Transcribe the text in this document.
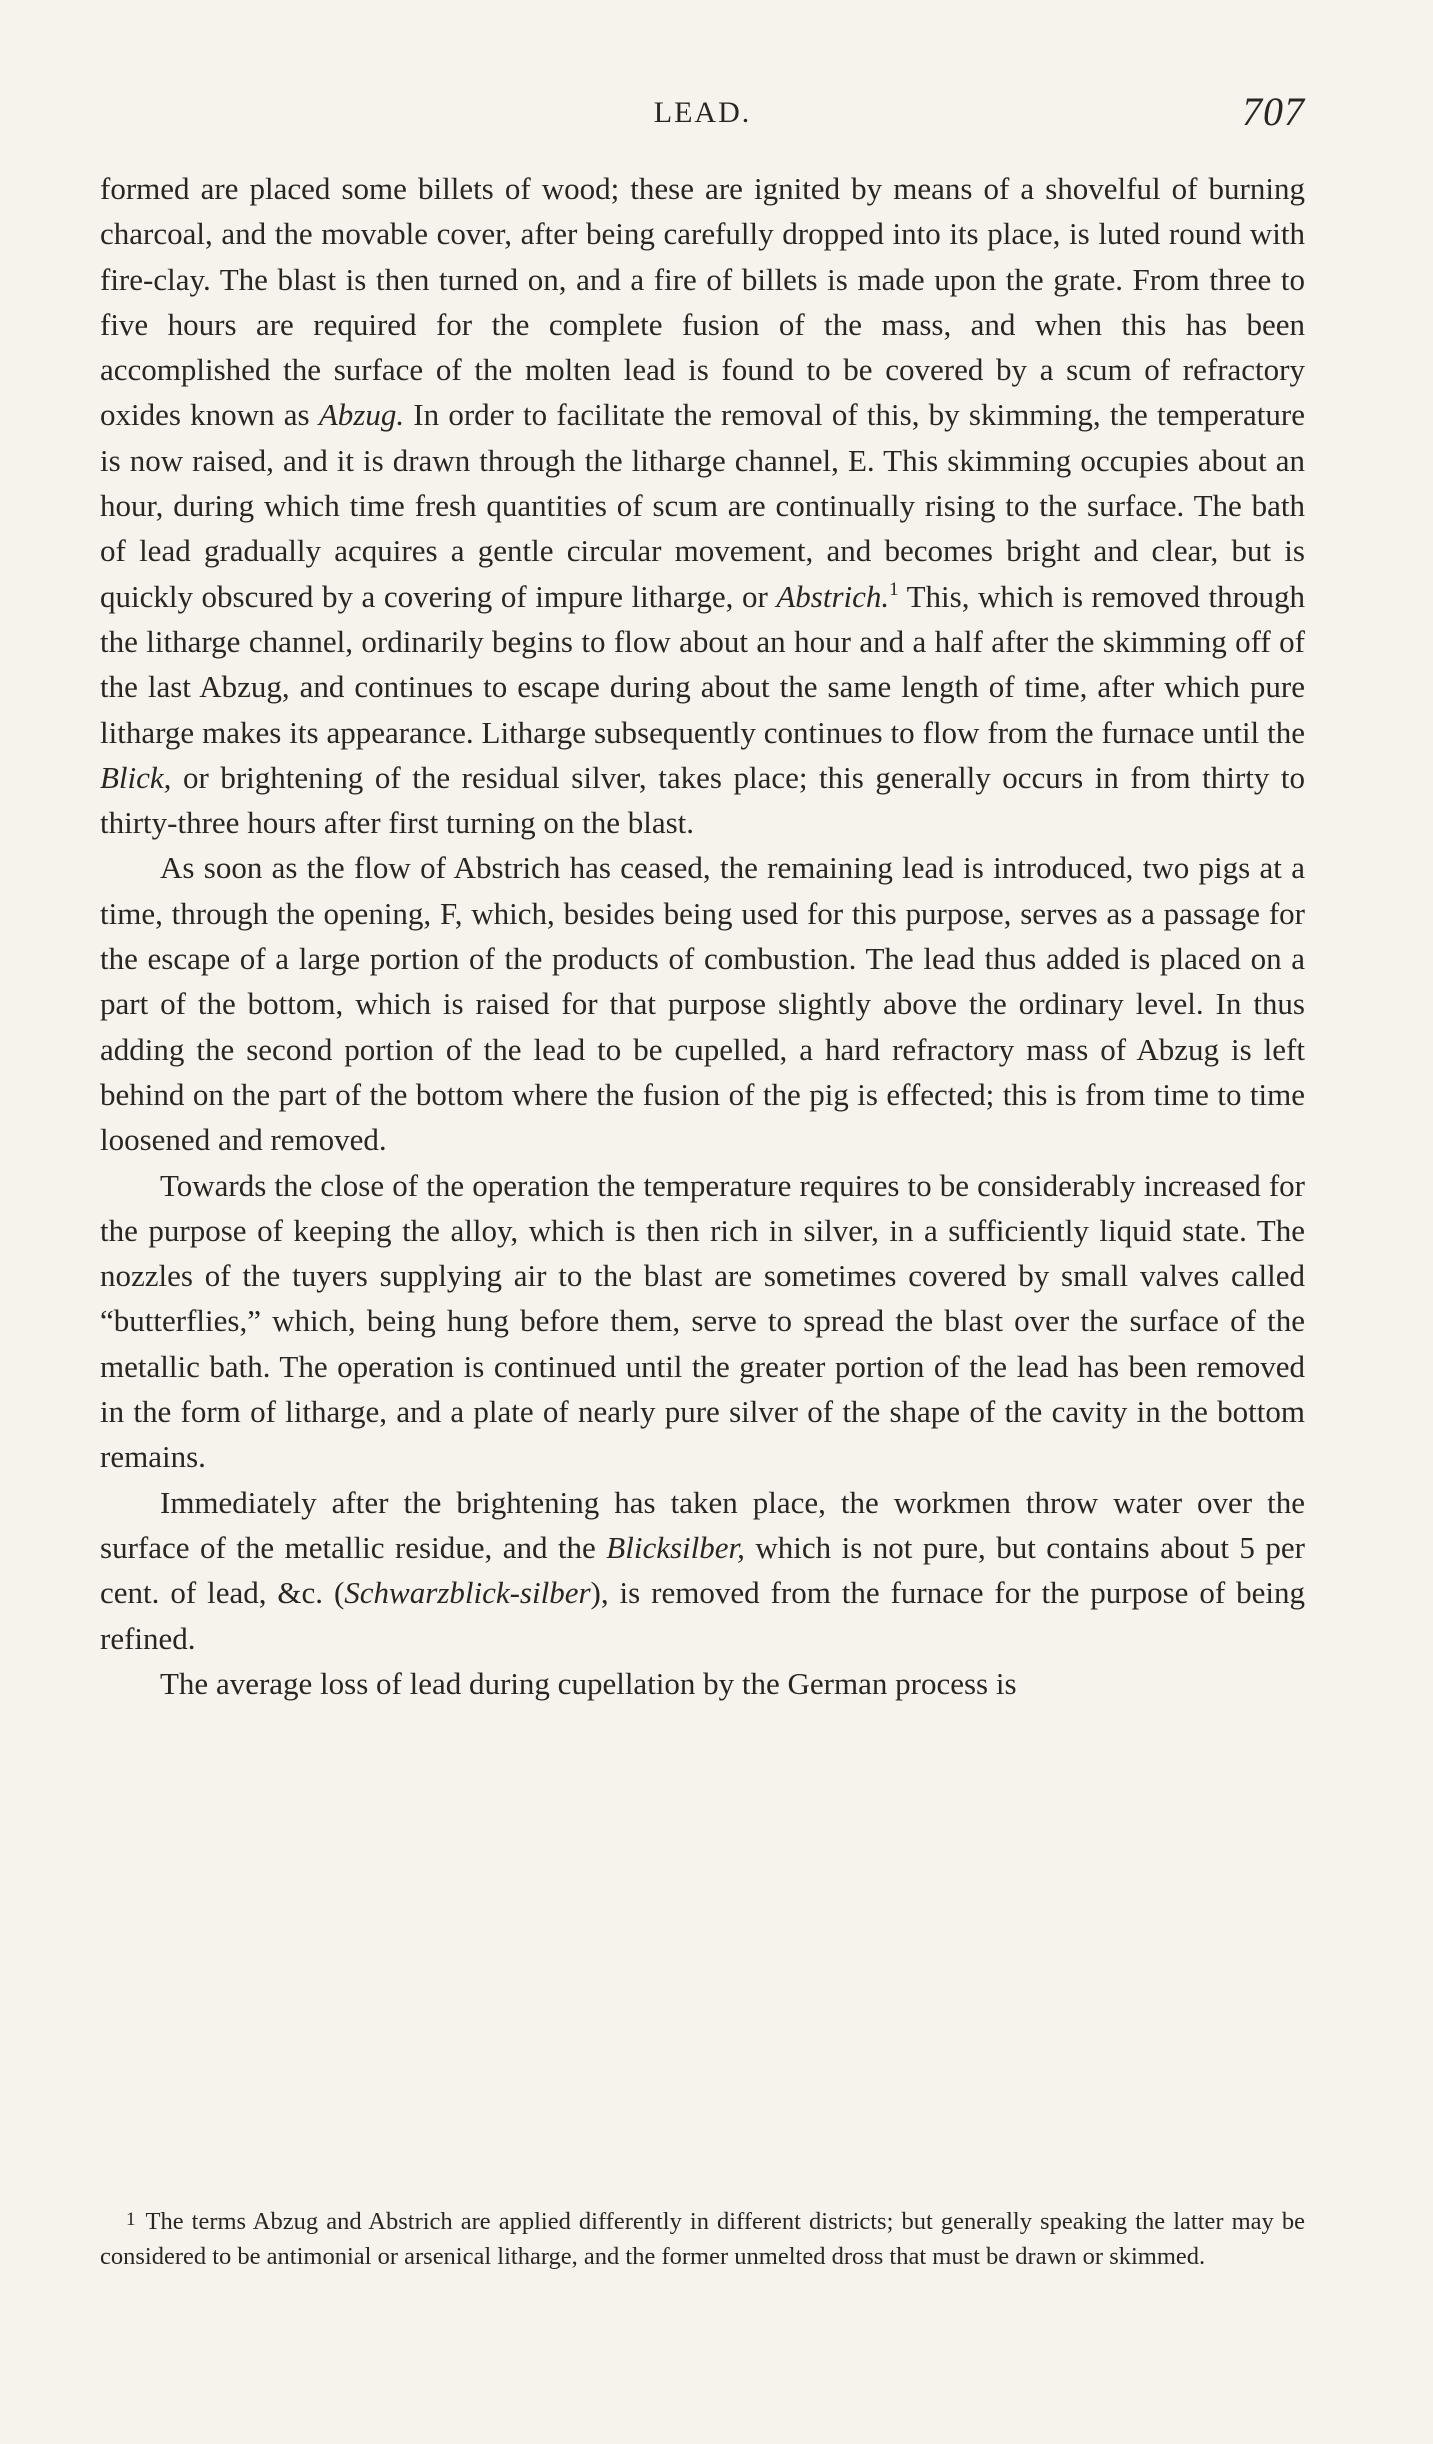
LEAD.	707

formed are placed some billets of wood; these are ignited by means of a shovelful of burning charcoal, and the movable cover, after being carefully dropped into its place, is luted round with fire-clay. The blast is then turned on, and a fire of billets is made upon the grate. From three to five hours are required for the complete fusion of the mass, and when this has been accomplished the surface of the molten lead is found to be covered by a scum of refractory oxides known as Abzug. In order to facilitate the removal of this, by skimming, the temperature is now raised, and it is drawn through the litharge channel, E. This skimming occupies about an hour, during which time fresh quantities of scum are continually rising to the surface. The bath of lead gradually acquires a gentle circular movement, and becomes bright and clear, but is quickly obscured by a covering of impure litharge, or Abstrich.$^1$ This, which is removed through the litharge channel, ordinarily begins to flow about an hour and a half after the skimming off of the last Abzug, and continues to escape during about the same length of time, after which pure litharge makes its appearance. Litharge subsequently continues to flow from the furnace until the Blick, or brightening of the residual silver, takes place; this generally occurs in from thirty to thirty-three hours after first turning on the blast.

As soon as the flow of Abstrich has ceased, the remaining lead is introduced, two pigs at a time, through the opening, F, which, besides being used for this purpose, serves as a passage for the escape of a large portion of the products of combustion. The lead thus added is placed on a part of the bottom, which is raised for that purpose slightly above the ordinary level. In thus adding the second portion of the lead to be cupelled, a hard refractory mass of Abzug is left behind on the part of the bottom where the fusion of the pig is effected; this is from time to time loosened and removed.

Towards the close of the operation the temperature requires to be considerably increased for the purpose of keeping the alloy, which is then rich in silver, in a sufficiently liquid state. The nozzles of the tuyers supplying air to the blast are sometimes covered by small valves called “butterflies,” which, being hung before them, serve to spread the blast over the surface of the metallic bath. The operation is continued until the greater portion of the lead has been removed in the form of litharge, and a plate of nearly pure silver of the shape of the cavity in the bottom remains.

Immediately after the brightening has taken place, the workmen throw water over the surface of the metallic residue, and the Blicksilber, which is not pure, but contains about 5 per cent. of lead, &c. (Schwarzblick-silber), is removed from the furnace for the purpose of being refined.

The average loss of lead during cupellation by the German process is

1 The terms Abzug and Abstrich are applied differently in different districts; but generally speaking the latter may be considered to be antimonial or arsenical litharge, and the former unmelted dross that must be drawn or skimmed.
